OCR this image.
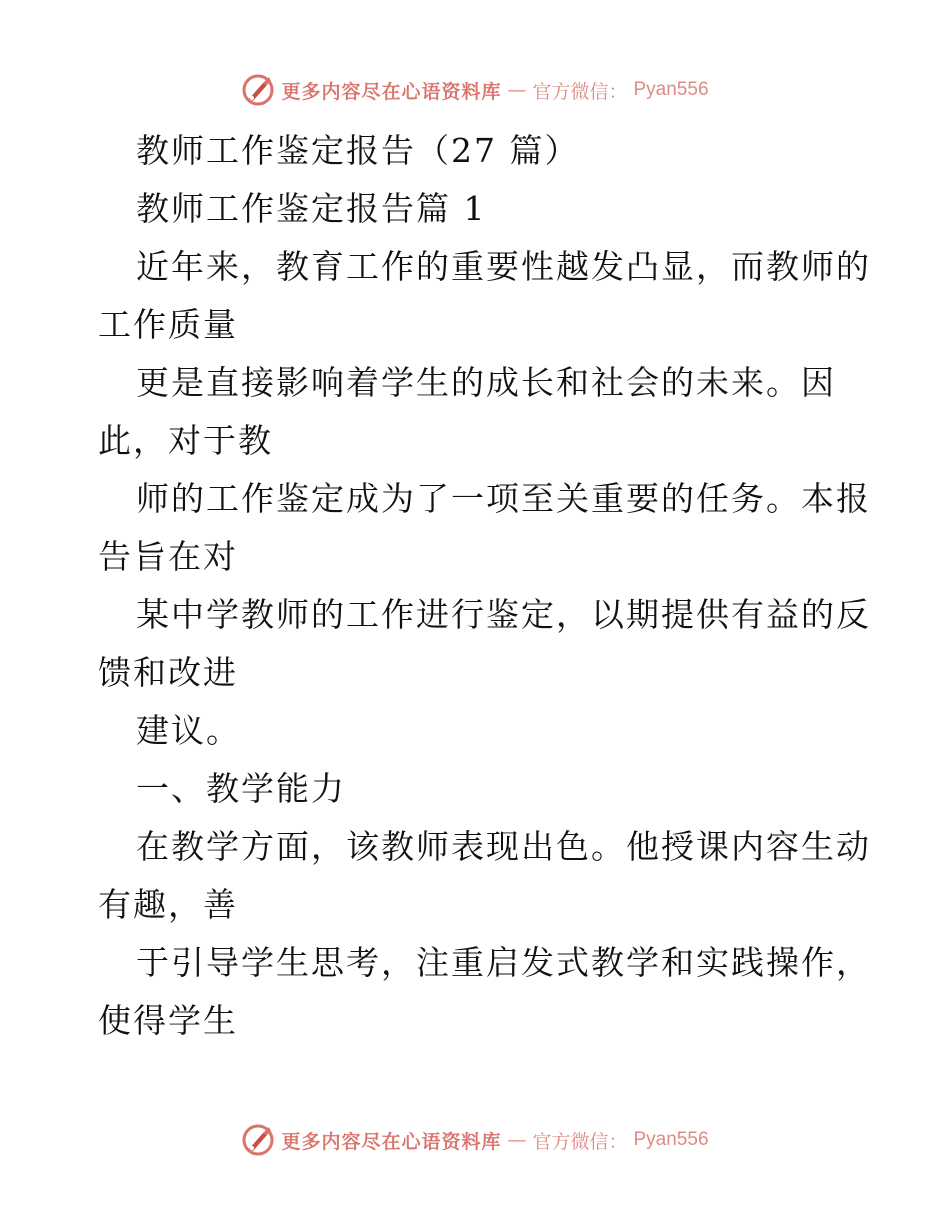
更多内容尽在心语资料库 — 官方微信： Pyan556
教师工作鉴定报告（27 篇）
教师工作鉴定报告篇 1
近年来，教育工作的重要性越发凸显，而教师的
工作质量
更是直接影响着学生的成长和社会的未来。因
此，对于教
师的工作鉴定成为了一项至关重要的任务。本报
告旨在对
某中学教师的工作进行鉴定，以期提供有益的反
馈和改进
建议。
一、教学能力
在教学方面，该教师表现出色。他授课内容生动
有趣，善
于引导学生思考，注重启发式教学和实践操作，
使得学生
更多内容尽在心语资料库 — 官方微信： Pyan556
